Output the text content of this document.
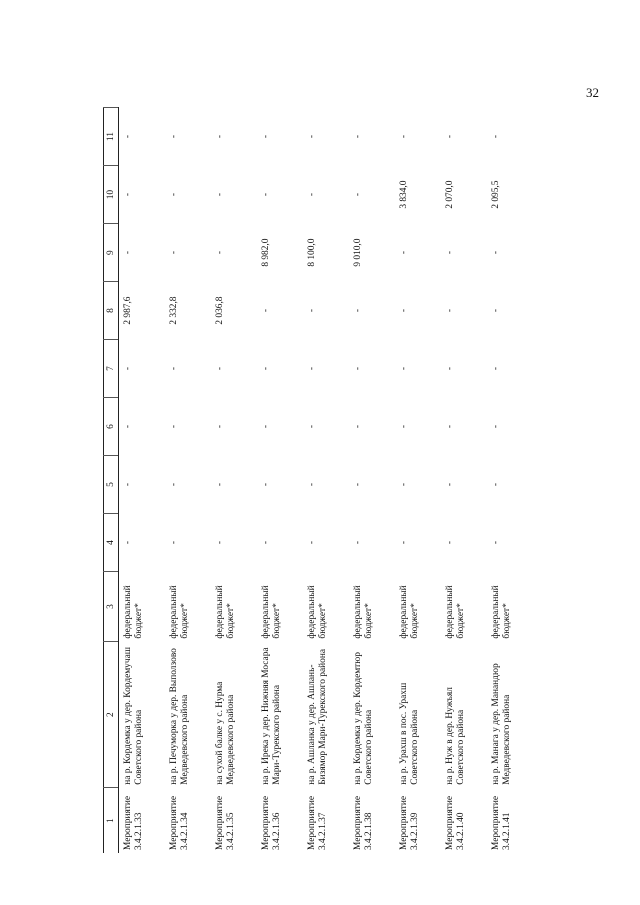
32
1	2	3	4	5	6	7	8	9	10	11
Мероприятие 3.4.2.1.33	на р. Кордемка у дер. Кордемучаш Советского района	федеральный бюджет*	-	-	-	-	2 987,6	-	-	-
Мероприятие 3.4.2.1.34	на р. Печуморка у дер. Выползово Медведевского района	федеральный бюджет*	-	-	-	-	2 332,8	-	-	-
Мероприятие 3.4.2.1.35	на сухой балке у с. Нурма Медведевского района	федеральный бюджет*	-	-	-	-	2 036,8	-	-	-
Мероприятие 3.4.2.1.36	на р. Ирека у дер. Нижняя Мосара Мари-Турекского района	федеральный бюджет*	-	-	-	-	-	8 982,0	-	-
Мероприятие 3.4.2.1.37	на р. Ашланка у дер. Ашлань-Бизямор Мари-Турекского района	федеральный бюджет*	-	-	-	-	-	8 100,0	-	-
Мероприятие 3.4.2.1.38	на р. Кордемка у дер. Кордемтюр Советского района	федеральный бюджет*	-	-	-	-	-	9 010,0	-	-
Мероприятие 3.4.2.1.39	на р. Урахш в пос. Урахш Советского района	федеральный бюджет*	-	-	-	-	-	-	3 834,0	-
Мероприятие 3.4.2.1.40	на р. Нуж в дер. Нужъял Советского района	федеральный бюджет*	-	-	-	-	-	-	2 070,0	-
Мероприятие 3.4.2.1.41	на р. Манага у дер. Манандюр Медведевского района	федеральный бюджет*	-	-	-	-	-	-	2 095,5	-
